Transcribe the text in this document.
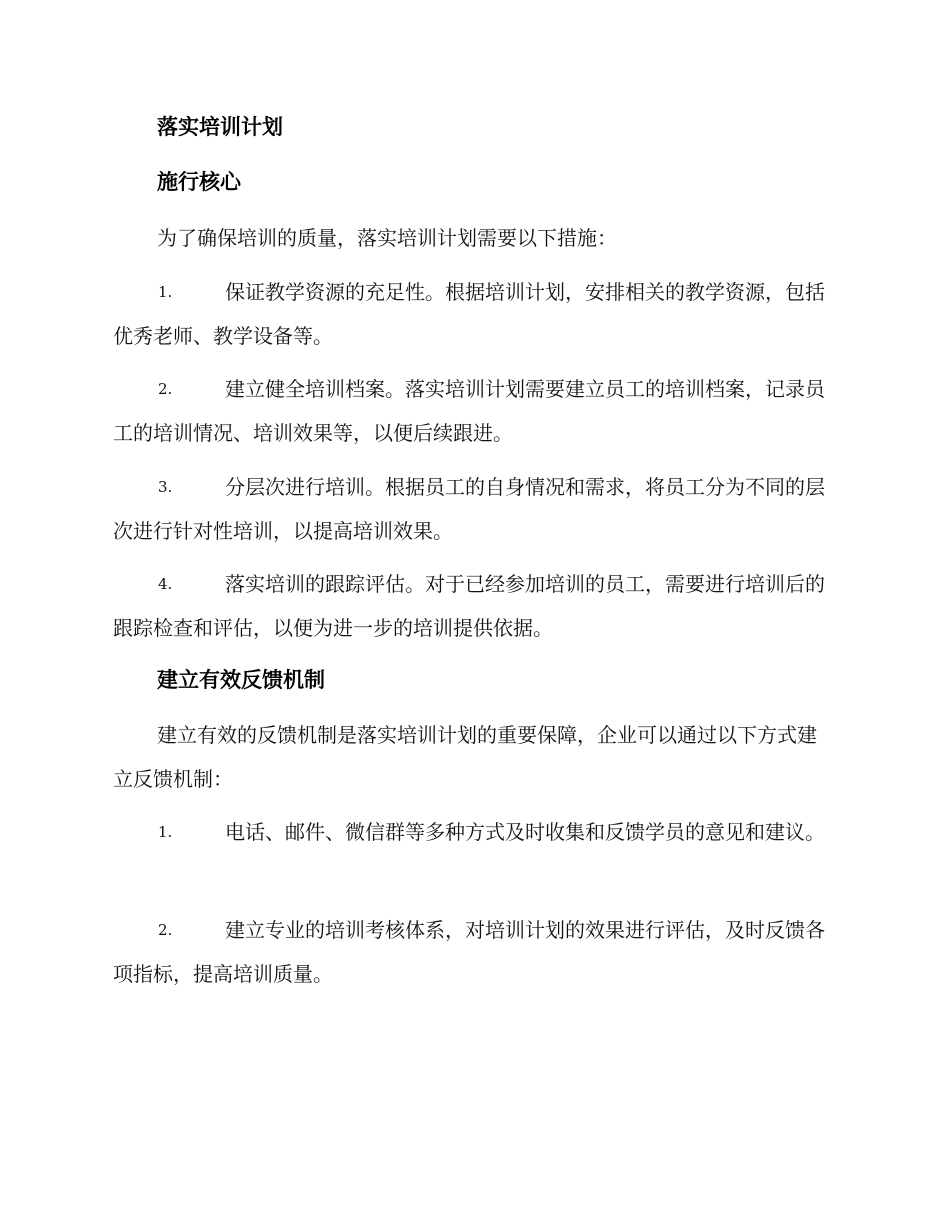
落实培训计划
施行核心
为了确保培训的质量，落实培训计划需要以下措施：
1.	保证教学资源的充足性。根据培训计划，安排相关的教学资源，包括优秀老师、教学设备等。
2.	建立健全培训档案。落实培训计划需要建立员工的培训档案，记录员工的培训情况、培训效果等，以便后续跟进。
3.	分层次进行培训。根据员工的自身情况和需求，将员工分为不同的层次进行针对性培训，以提高培训效果。
4.	落实培训的跟踪评估。对于已经参加培训的员工，需要进行培训后的跟踪检查和评估，以便为进一步的培训提供依据。
建立有效反馈机制
建立有效的反馈机制是落实培训计划的重要保障，企业可以通过以下方式建立反馈机制：
1.	电话、邮件、微信群等多种方式及时收集和反馈学员的意见和建议。
2.	建立专业的培训考核体系，对培训计划的效果进行评估，及时反馈各项指标，提高培训质量。
